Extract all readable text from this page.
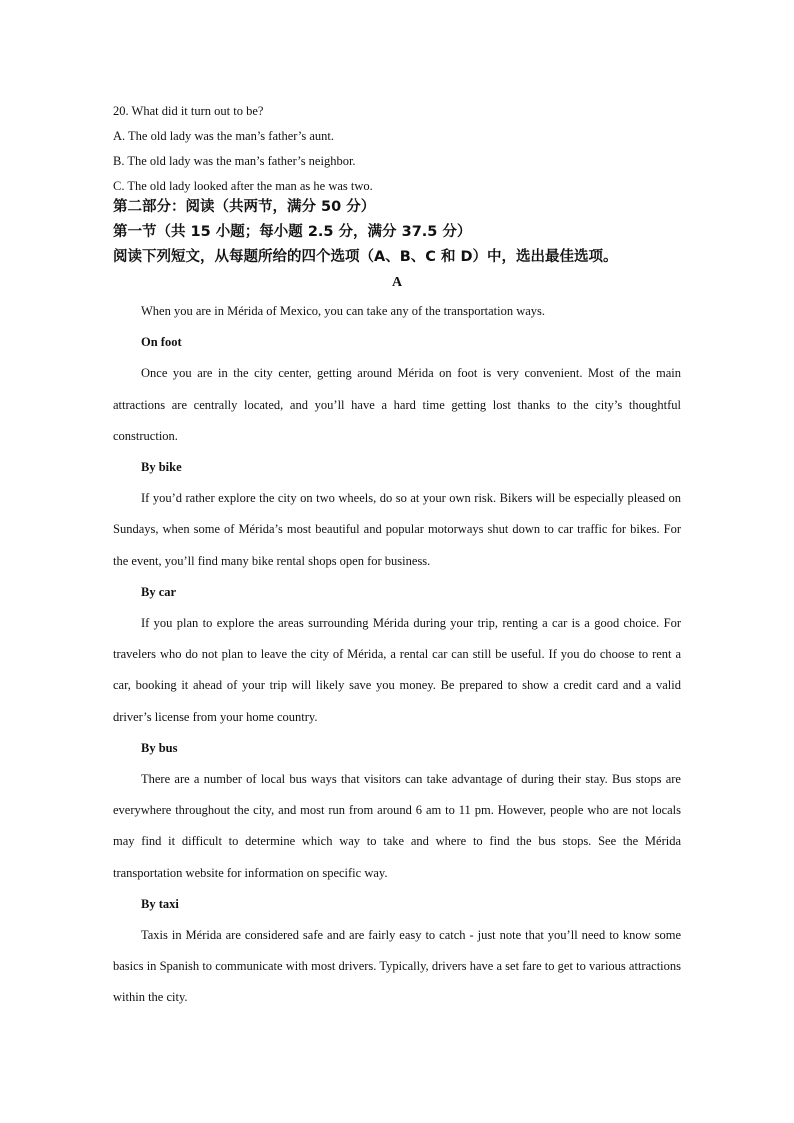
20. What did it turn out to be?

A. The old lady was the man’s father’s aunt.

B. The old lady was the man’s father’s neighbor.

C. The old lady looked after the man as he was two.

第二部分：阅读（共两节，满分 50 分）
第一节（共 15 小题；每小题 2.5 分，满分 37.5 分）
阅读下列短文，从每题所给的四个选项（A、B、C 和 D）中，选出最佳选项。
A

When you are in Mérida of Mexico, you can take any of the transportation ways.

On foot

Once you are in the city center, getting around Mérida on foot is very convenient. Most of the main attractions are centrally located, and you’ll have a hard time getting lost thanks to the city’s thoughtful construction.

By bike

If you’d rather explore the city on two wheels, do so at your own risk. Bikers will be especially pleased on Sundays, when some of Mérida’s most beautiful and popular motorways shut down to car traffic for bikes. For the event, you’ll find many bike rental shops open for business.

By car

If you plan to explore the areas surrounding Mérida during your trip, renting a car is a good choice. For travelers who do not plan to leave the city of Mérida, a rental car can still be useful. If you do choose to rent a car, booking it ahead of your trip will likely save you money. Be prepared to show a credit card and a valid driver’s license from your home country.

By bus

There are a number of local bus ways that visitors can take advantage of during their stay. Bus stops are everywhere throughout the city, and most run from around 6 am to 11 pm. However, people who are not locals may find it difficult to determine which way to take and where to find the bus stops. See the Mérida transportation website for information on specific way.

By taxi

Taxis in Mérida are considered safe and are fairly easy to catch - just note that you’ll need to know some basics in Spanish to communicate with most drivers. Typically, drivers have a set fare to get to various attractions within the city.
